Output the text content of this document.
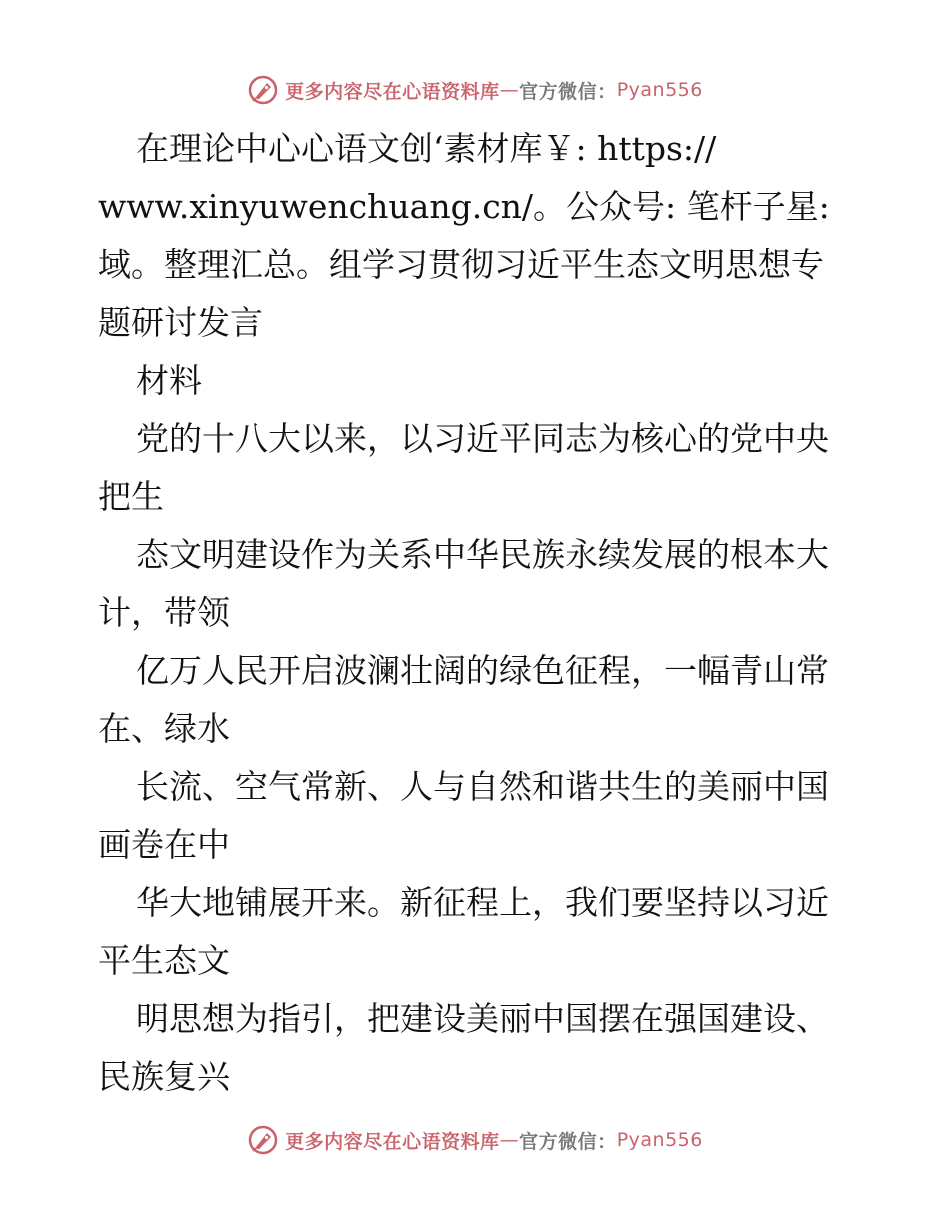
更多内容尽在心语资料库 — 官方微信： Pyan556
在理论中心心语文创‘素材库￥: https://
www.xinyuwenchuang.cn/。公众号: 笔杆子星:
域。整理汇总。组学习贯彻习近平生态文明思想专
题研讨发言
材料
党的十八大以来，以习近平同志为核心的党中央
把生
态文明建设作为关系中华民族永续发展的根本大
计，带领
亿万人民开启波澜壮阔的绿色征程，一幅青山常
在、绿水
长流、空气常新、人与自然和谐共生的美丽中国
画卷在中
华大地铺展开来。新征程上，我们要坚持以习近
平生态文
明思想为指引，把建设美丽中国摆在强国建设、
民族复兴
更多内容尽在心语资料库 — 官方微信： Pyan556
